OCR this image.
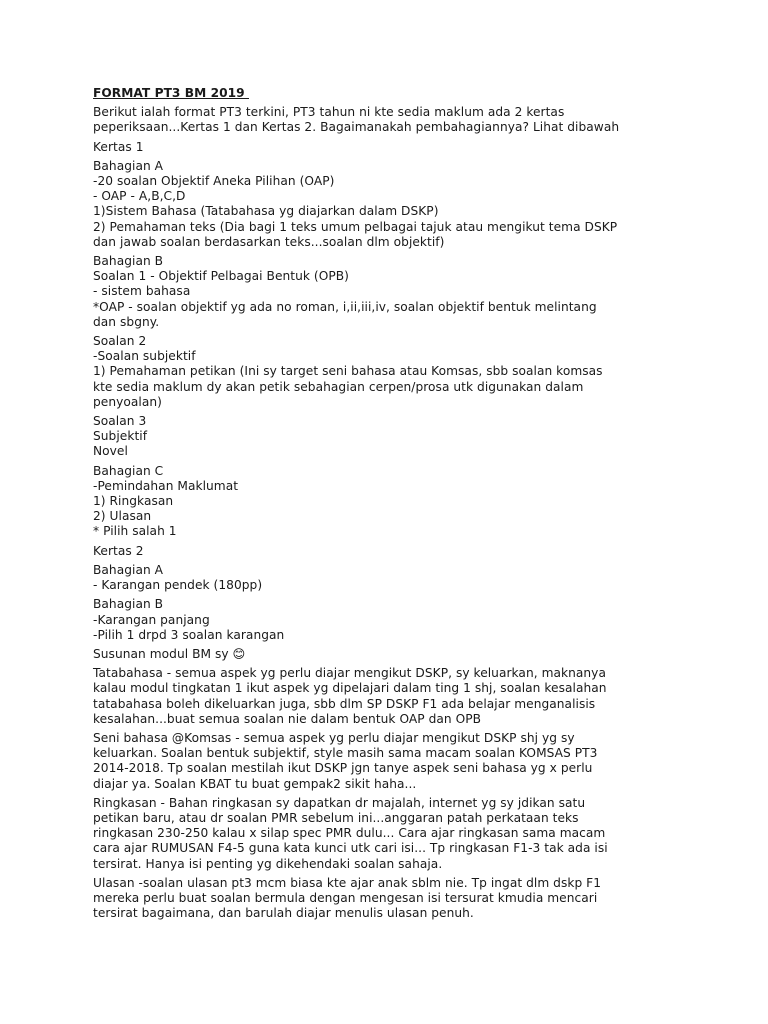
FORMAT PT3 BM 2019
Berikut ialah format PT3 terkini, PT3 tahun ni kte sedia maklum ada 2 kertas
peperiksaan...Kertas 1 dan Kertas 2. Bagaimanakah pembahagiannya? Lihat dibawah
Kertas 1
Bahagian A
-20 soalan Objektif Aneka Pilihan (OAP)
- OAP - A,B,C,D
1)Sistem Bahasa (Tatabahasa yg diajarkan dalam DSKP)
2) Pemahaman teks (Dia bagi 1 teks umum pelbagai tajuk atau mengikut tema DSKP
dan jawab soalan berdasarkan teks...soalan dlm objektif)
Bahagian B
Soalan 1 - Objektif Pelbagai Bentuk (OPB)
- sistem bahasa
*OAP - soalan objektif yg ada no roman, i,ii,iii,iv, soalan objektif bentuk melintang
dan sbgny.
Soalan 2
-Soalan subjektif
1) Pemahaman petikan (Ini sy target seni bahasa atau Komsas, sbb soalan komsas
kte sedia maklum dy akan petik sebahagian cerpen/prosa utk digunakan dalam
penyoalan)
Soalan 3
Subjektif
Novel
Bahagian C
-Pemindahan Maklumat
1) Ringkasan
2) Ulasan
* Pilih salah 1
Kertas 2
Bahagian A
- Karangan pendek (180pp)
Bahagian B
-Karangan panjang
-Pilih 1 drpd 3 soalan karangan
Susunan modul BM sy 😊
Tatabahasa - semua aspek yg perlu diajar mengikut DSKP, sy keluarkan, maknanya
kalau modul tingkatan 1 ikut aspek yg dipelajari dalam ting 1 shj, soalan kesalahan
tatabahasa boleh dikeluarkan juga, sbb dlm SP DSKP F1 ada belajar menganalisis
kesalahan...buat semua soalan nie dalam bentuk OAP dan OPB
Seni bahasa @Komsas - semua aspek yg perlu diajar mengikut DSKP shj yg sy
keluarkan. Soalan bentuk subjektif, style masih sama macam soalan KOMSAS PT3
2014-2018. Tp soalan mestilah ikut DSKP jgn tanye aspek seni bahasa yg x perlu
diajar ya. Soalan KBAT tu buat gempak2 sikit haha...
Ringkasan - Bahan ringkasan sy dapatkan dr majalah, internet yg sy jdikan satu
petikan baru, atau dr soalan PMR sebelum ini...anggaran patah perkataan teks
ringkasan 230-250 kalau x silap spec PMR dulu... Cara ajar ringkasan sama macam
cara ajar RUMUSAN F4-5 guna kata kunci utk cari isi... Tp ringkasan F1-3 tak ada isi
tersirat. Hanya isi penting yg dikehendaki soalan sahaja.
Ulasan -soalan ulasan pt3 mcm biasa kte ajar anak sblm nie. Tp ingat dlm dskp F1
mereka perlu buat soalan bermula dengan mengesan isi tersurat kmudia mencari
tersirat bagaimana, dan barulah diajar menulis ulasan penuh.
